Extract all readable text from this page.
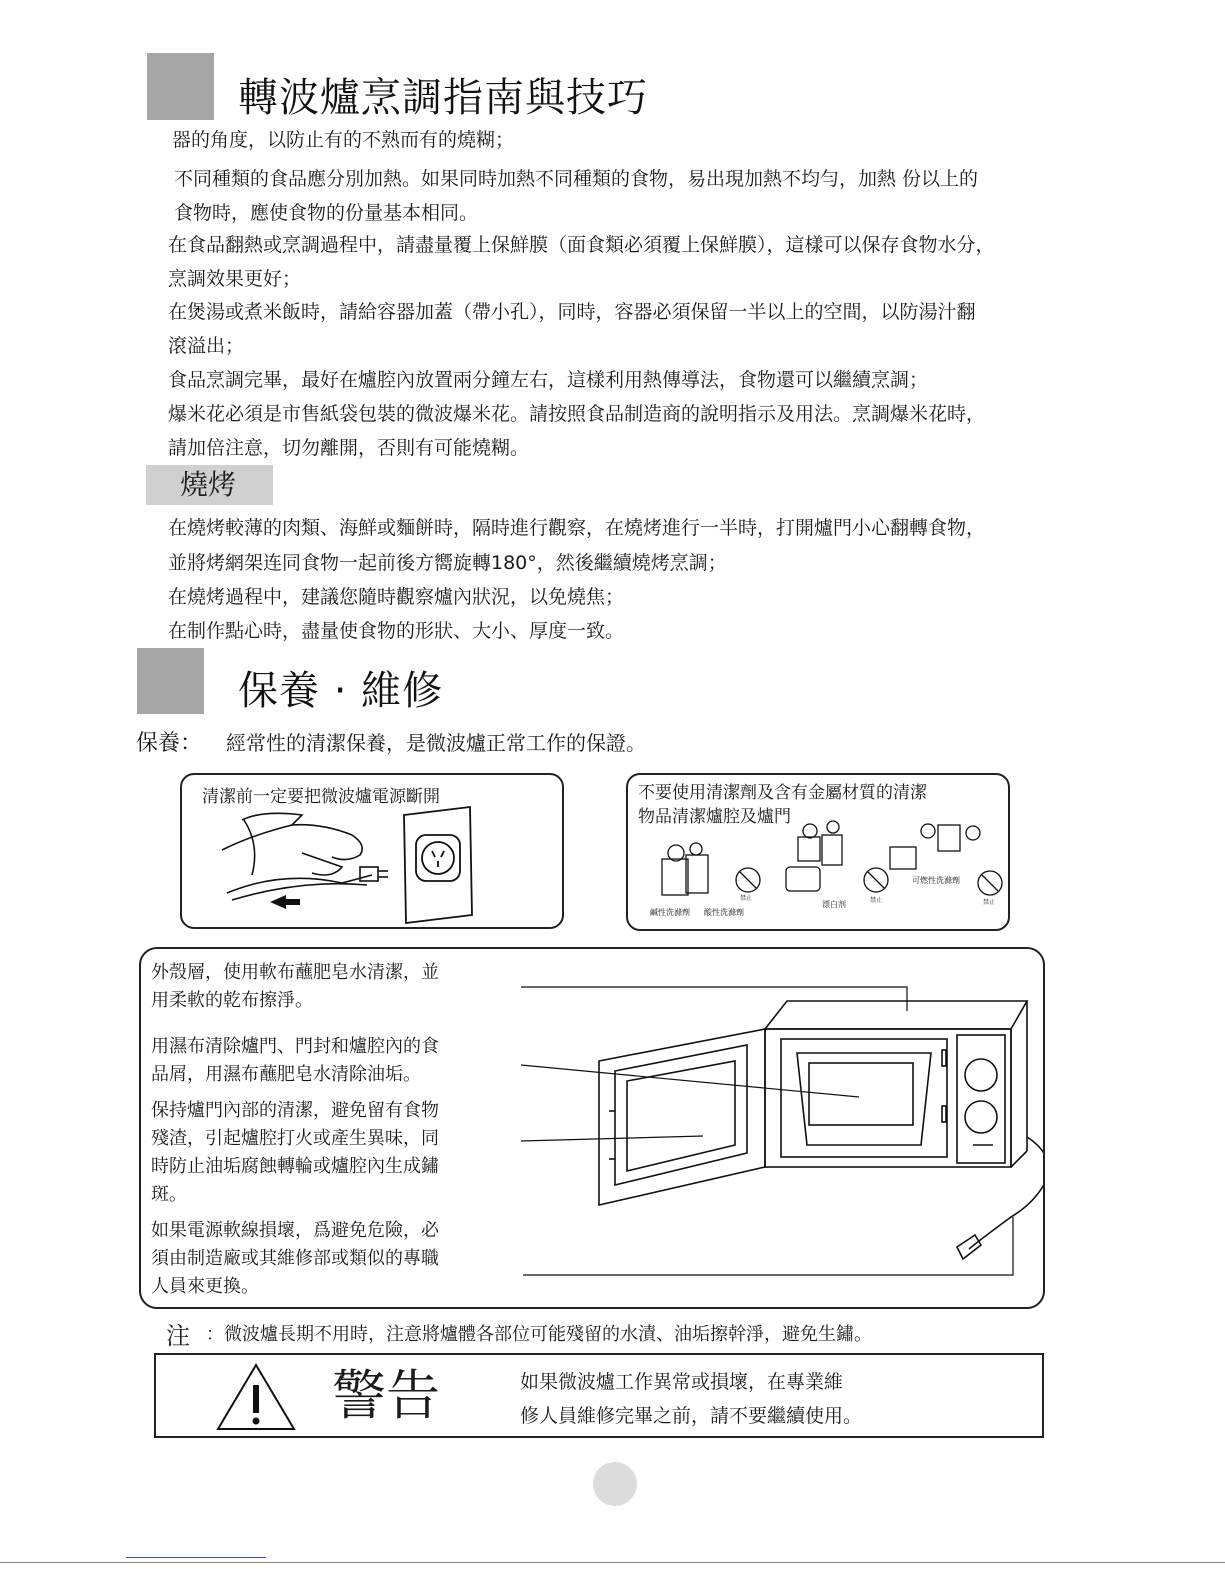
轉波爐烹調指南與技巧
器的角度，以防止有的不熟而有的燒糊；
不同種類的食品應分別加熱。如果同時加熱不同種類的食物，易出現加熱不均勻，加熱 份以上的
食物時，應使食物的份量基本相同。
在食品翻熱或烹調過程中，請盡量覆上保鮮膜（面食類必須覆上保鮮膜），這樣可以保存食物水分，
烹調效果更好；
在煲湯或煮米飯時，請給容器加蓋（帶小孔），同時，容器必須保留一半以上的空間，以防湯汁翻
滾溢出；
食品烹調完畢，最好在爐腔內放置兩分鐘左右，這樣利用熱傳導法，食物還可以繼續烹調；
爆米花必須是市售紙袋包裝的微波爆米花。請按照食品制造商的說明指示及用法。烹調爆米花時，
請加倍注意，切勿離開，否則有可能燒糊。
燒烤
在燒烤較薄的肉類、海鮮或麵餅時，隔時進行觀察，在燒烤進行一半時，打開爐門小心翻轉食物，
並將烤網架连同食物一起前後方嚮旋轉180°，然後繼續燒烤烹調；
在燒烤過程中，建議您隨時觀察爐內狀況，以免燒焦；
在制作點心時，盡量使食物的形狀、大小、厚度一致。
保養 · 維修
保養： 經常性的清潔保養，是微波爐正常工作的保證。
清潔前一定要把微波爐電源斷開	不要使用清潔劑及含有金屬材質的清潔
物品清潔爐腔及爐門
鹹性洗滌劑 酸性洗滌劑
禁止
漂白剂	禁止
可燃性洗滌劑
禁止
外殼層，使用軟布蘸肥皂水清潔，並
用柔軟的乾布擦淨。
用濕布清除爐門、門封和爐腔內的食
品屑，用濕布蘸肥皂水清除油垢。
保持爐門內部的清潔，避免留有食物
殘渣，引起爐腔打火或產生異味，同
時防止油垢腐蝕轉輪或爐腔內生成鏽
斑。
如果電源軟線損壞，爲避免危險，必
須由制造廠或其維修部或類似的專職
人員來更換。
注 ：微波爐長期不用時，注意將爐體各部位可能殘留的水漬、油垢擦幹淨，避免生鏽。
警告	如果微波爐工作異常或損壞，在專業維
修人員維修完畢之前，請不要繼續使用。
